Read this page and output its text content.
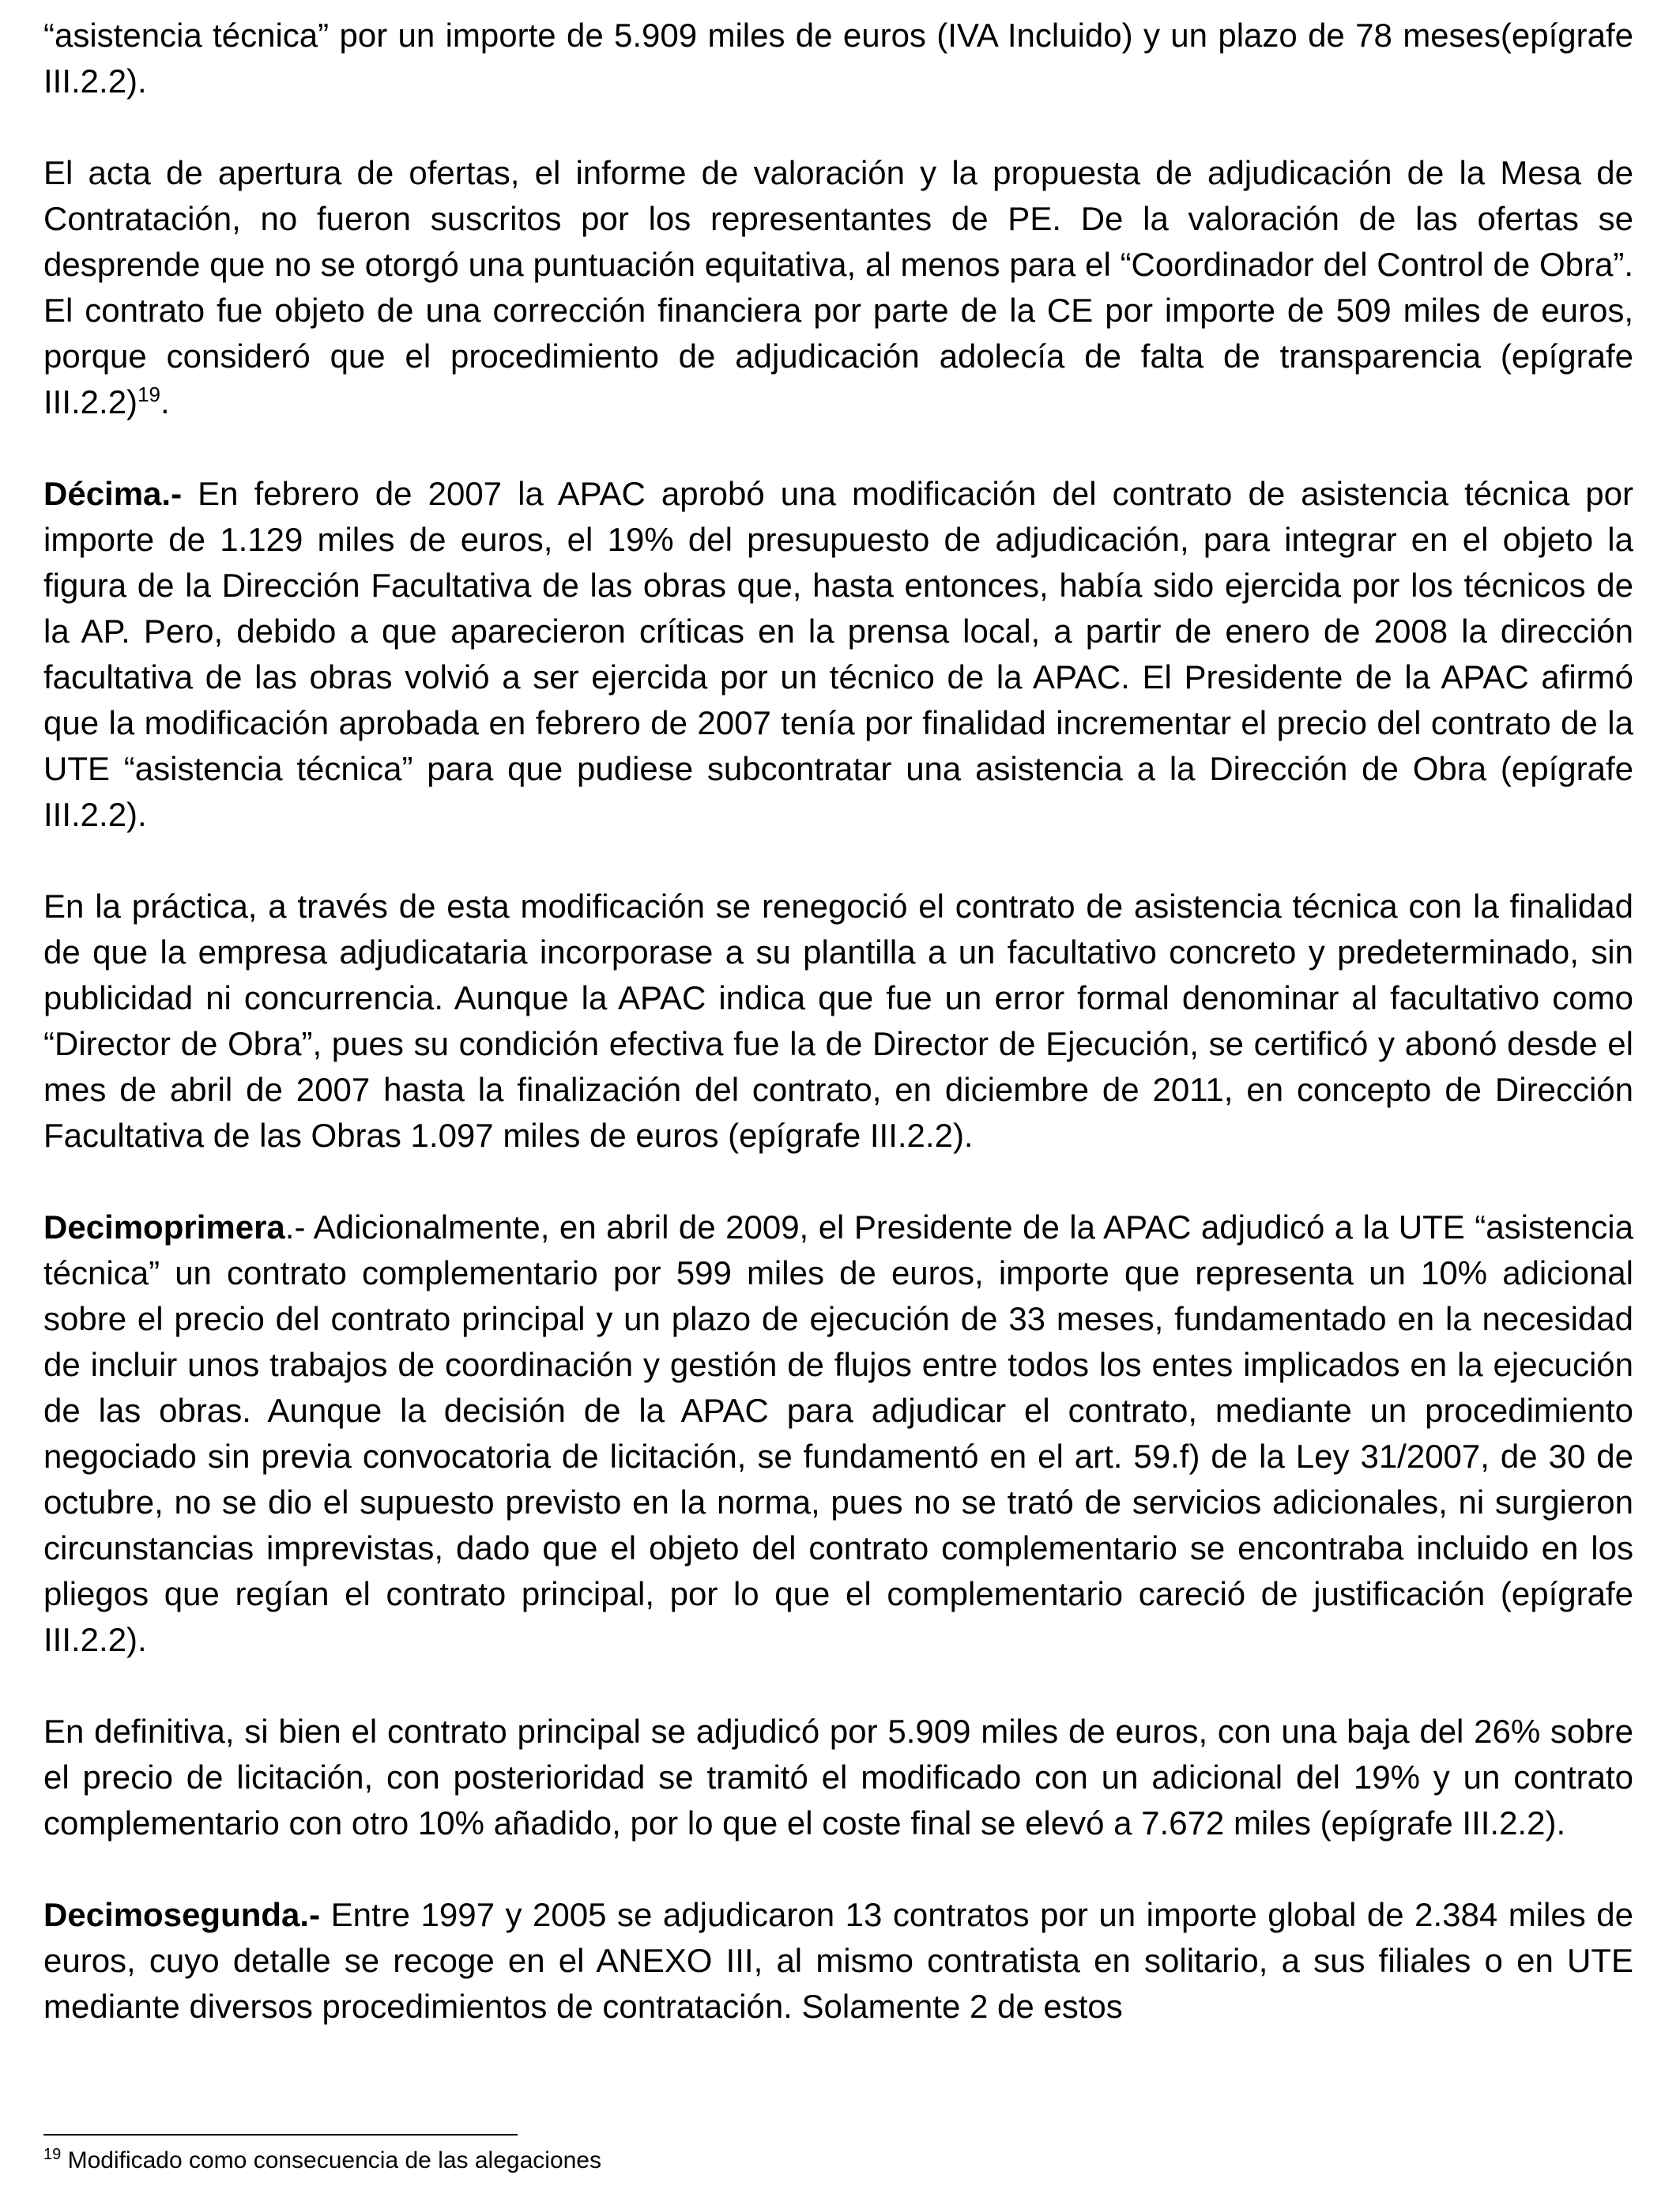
“asistencia técnica” por un importe de 5.909 miles de euros (IVA Incluido) y un plazo de 78 meses(epígrafe III.2.2).

El acta de apertura de ofertas, el informe de valoración y la propuesta de adjudicación de la Mesa de Contratación, no fueron suscritos por los representantes de PE. De la valoración de las ofertas se desprende que no se otorgó una puntuación equitativa, al menos para el “Coordinador del Control de Obra”. El contrato fue objeto de una corrección financiera por parte de la CE por importe de 509 miles de euros, porque consideró que el procedimiento de adjudicación adolecía de falta de transparencia (epígrafe III.2.2)$^{19}$.

Décima.- En febrero de 2007 la APAC aprobó una modificación del contrato de asistencia técnica por importe de 1.129 miles de euros, el 19% del presupuesto de adjudicación, para integrar en el objeto la figura de la Dirección Facultativa de las obras que, hasta entonces, había sido ejercida por los técnicos de la AP. Pero, debido a que aparecieron críticas en la prensa local, a partir de enero de 2008 la dirección facultativa de las obras volvió a ser ejercida por un técnico de la APAC. El Presidente de la APAC afirmó que la modificación aprobada en febrero de 2007 tenía por finalidad incrementar el precio del contrato de la UTE “asistencia técnica” para que pudiese subcontratar una asistencia a la Dirección de Obra (epígrafe III.2.2).

En la práctica, a través de esta modificación se renegoció el contrato de asistencia técnica con la finalidad de que la empresa adjudicataria incorporase a su plantilla a un facultativo concreto y predeterminado, sin publicidad ni concurrencia. Aunque la APAC indica que fue un error formal denominar al facultativo como “Director de Obra”, pues su condición efectiva fue la de Director de Ejecución, se certificó y abonó desde el mes de abril de 2007 hasta la finalización del contrato, en diciembre de 2011, en concepto de Dirección Facultativa de las Obras 1.097 miles de euros (epígrafe III.2.2).

Decimoprimera.- Adicionalmente, en abril de 2009, el Presidente de la APAC adjudicó a la UTE “asistencia técnica” un contrato complementario por 599 miles de euros, importe que representa un 10% adicional sobre el precio del contrato principal y un plazo de ejecución de 33 meses, fundamentado en la necesidad de incluir unos trabajos de coordinación y gestión de flujos entre todos los entes implicados en la ejecución de las obras. Aunque la decisión de la APAC para adjudicar el contrato, mediante un procedimiento negociado sin previa convocatoria de licitación, se fundamentó en el art. 59.f) de la Ley 31/2007, de 30 de octubre, no se dio el supuesto previsto en la norma, pues no se trató de servicios adicionales, ni surgieron circunstancias imprevistas, dado que el objeto del contrato complementario se encontraba incluido en los pliegos que regían el contrato principal, por lo que el complementario careció de justificación (epígrafe III.2.2).

En definitiva, si bien el contrato principal se adjudicó por 5.909 miles de euros, con una baja del 26% sobre el precio de licitación, con posterioridad se tramitó el modificado con un adicional del 19% y un contrato complementario con otro 10% añadido, por lo que el coste final se elevó a 7.672 miles (epígrafe III.2.2).

Decimosegunda.- Entre 1997 y 2005 se adjudicaron 13 contratos por un importe global de 2.384 miles de euros, cuyo detalle se recoge en el ANEXO III, al mismo contratista en solitario, a sus filiales o en UTE mediante diversos procedimientos de contratación. Solamente 2 de estos

$^{19}$ Modificado como consecuencia de las alegaciones
